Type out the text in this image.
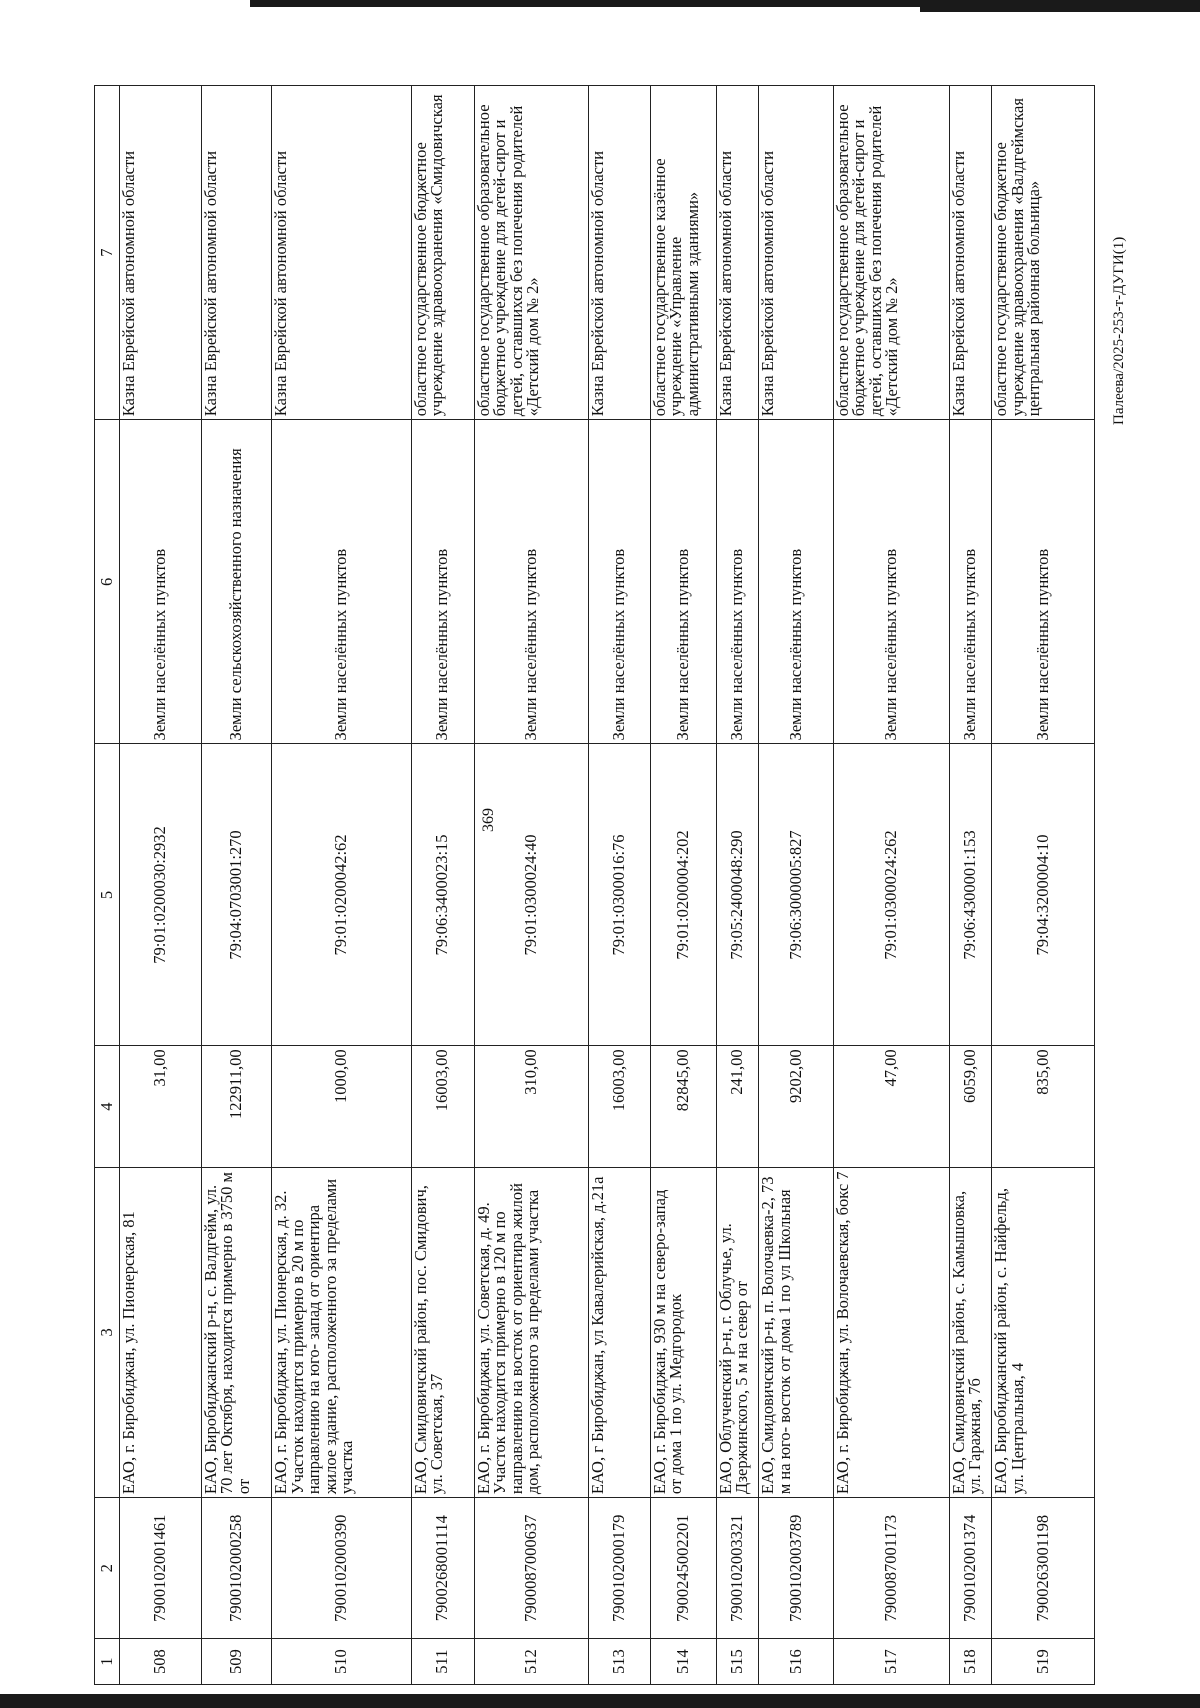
369
Палеева/2025-253-т-ДУГИ(1)
1	2	3	4	5	6	7
508	7900102001461	ЕАО, г. Биробиджан, ул. Пионерская, 81	31,00	79:01:0200030:2932	Земли населённых пунктов	Казна Еврейской автономной области
509	7900102000258	ЕАО, Биробиджанский р-н, с. Валдгейм, ул. 70 лет Октября, находится примерно в 3750 м от	122911,00	79:04:0703001:270	Земли сельскохозяйственного назначения	Казна Еврейской автономной области
510	7900102000390	ЕАО, г. Биробиджан, ул. Пионерская, д. 32. Участок находится примерно в 20 м по направлению на юго- запад от ориентира жилое здание, расположенного за пределами участка	1000,00	79:01:0200042:62	Земли населённых пунктов	Казна Еврейской автономной области
511	7900268001114	ЕАО, Смидовичский район, пос. Смидович, ул. Советская, 37	16003,00	79:06:3400023:15	Земли населённых пунктов	областное государственное бюджетное учреждение здравоохранения «Смидовичская
512	7900087000637	ЕАО, г. Биробиджан, ул. Советская, д. 49. Участок находится примерно в 120 м по направлению на восток от ориентира жилой дом, расположенного за пределами участка	310,00	79:01:0300024:40	Земли населённых пунктов	областное государственное образовательное бюджетное учреждение для детей-сирот и детей, оставшихся без попечения родителей «Детский дом № 2»
513	7900102000179	ЕАО, г Биробиджан, ул Кавалерийская, д.21а	16003,00	79:01:0300016:76	Земли населённых пунктов	Казна Еврейской автономной области
514	7900245002201	ЕАО, г. Биробиджан, 930 м на северо-запад от дома 1 по ул. Медгородок	82845,00	79:01:0200004:202	Земли населённых пунктов	областное государственное казённое учреждение «Управление административными зданиями»
515	7900102003321	ЕАО, Облученский р-н, г. Облучье, ул. Дзержинского, 5 м на север от	241,00	79:05:2400048:290	Земли населённых пунктов	Казна Еврейской автономной области
516	7900102003789	ЕАО, Смидовичский р-н, п. Волочаевка-2, 73 м на юго- восток от дома 1 по ул Школьная	9202,00	79:06:3000005:827	Земли населённых пунктов	Казна Еврейской автономной области
517	7900087001173	ЕАО, г. Биробиджан, ул. Волочаевская, бокс 7	47,00	79:01:0300024:262	Земли населённых пунктов	областное государственное образовательное бюджетное учреждение для детей-сирот и детей, оставшихся без попечения родителей «Детский дом № 2»
518	7900102001374	ЕАО, Смидовичский район, с. Камышовка, ул. Гаражная, 7б	6059,00	79:06:4300001:153	Земли населённых пунктов	Казна Еврейской автономной области
519	7900263001198	ЕАО, Биробиджанский район, с. Найфельд, ул. Центральная, 4	835,00	79:04:3200004:10	Земли населённых пунктов	областное государственное бюджетное учреждение здравоохранения «Валдгеймская центральная районная больница»
